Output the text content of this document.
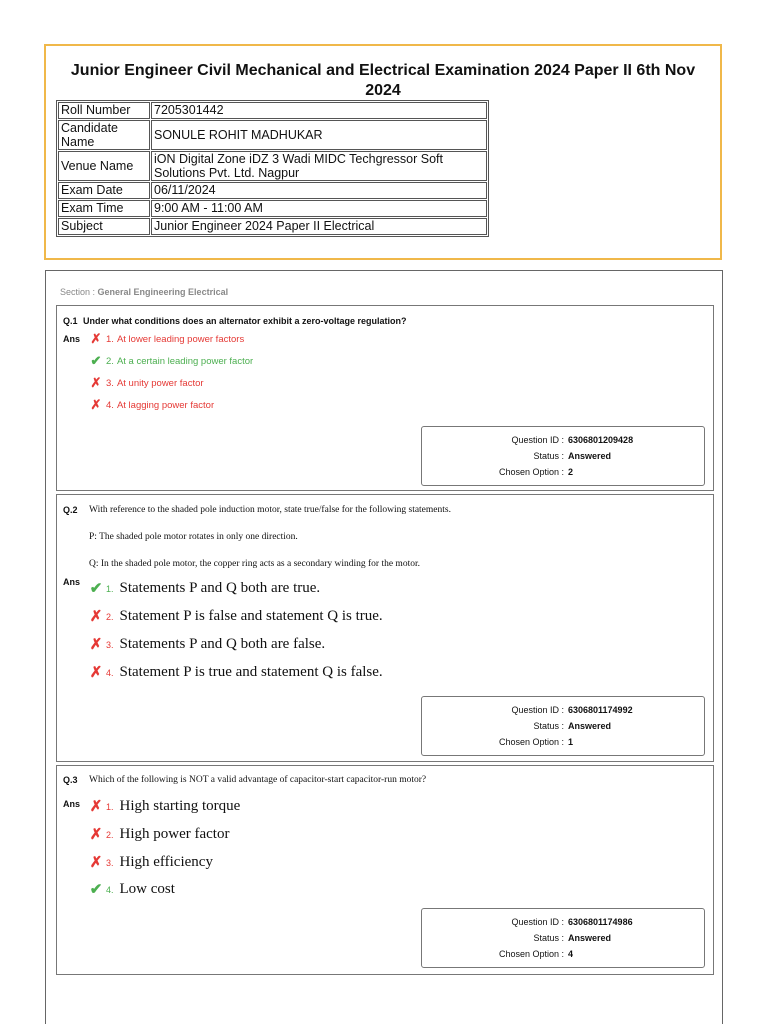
Junior Engineer Civil Mechanical and Electrical Examination 2024 Paper II 6th Nov 2024
Roll Number	7205301442
Candidate Name	SONULE ROHIT MADHUKAR
Venue Name	iON Digital Zone iDZ 3 Wadi MIDC Techgressor Soft Solutions Pvt. Ltd. Nagpur
Exam Date	06/11/2024
Exam Time	9:00 AM - 11:00 AM
Subject	Junior Engineer 2024 Paper II Electrical
Section : General Engineering Electrical
Q.1 Under what conditions does an alternator exhibit a zero-voltage regulation?
Ans ✗ 1. At lower leading power factors
✔ 2. At a certain leading power factor
✗ 3. At unity power factor
✗ 4. At lagging power factor
Question ID : 6306801209428
Status : Answered
Chosen Option : 2
Q.2 With reference to the shaded pole induction motor, state true/false for the following statements.
P: The shaded pole motor rotates in only one direction.
Q: In the shaded pole motor, the copper ring acts as a secondary winding for the motor.
Ans ✔ 1. Statements P and Q both are true.
✗ 2. Statement P is false and statement Q is true.
✗ 3. Statements P and Q both are false.
✗ 4. Statement P is true and statement Q is false.
Question ID : 6306801174992
Status : Answered
Chosen Option : 1
Q.3 Which of the following is NOT a valid advantage of capacitor-start capacitor-run motor?
Ans ✗ 1. High starting torque
✗ 2. High power factor
✗ 3. High efficiency
✔ 4. Low cost
Question ID : 6306801174986
Status : Answered
Chosen Option : 4
